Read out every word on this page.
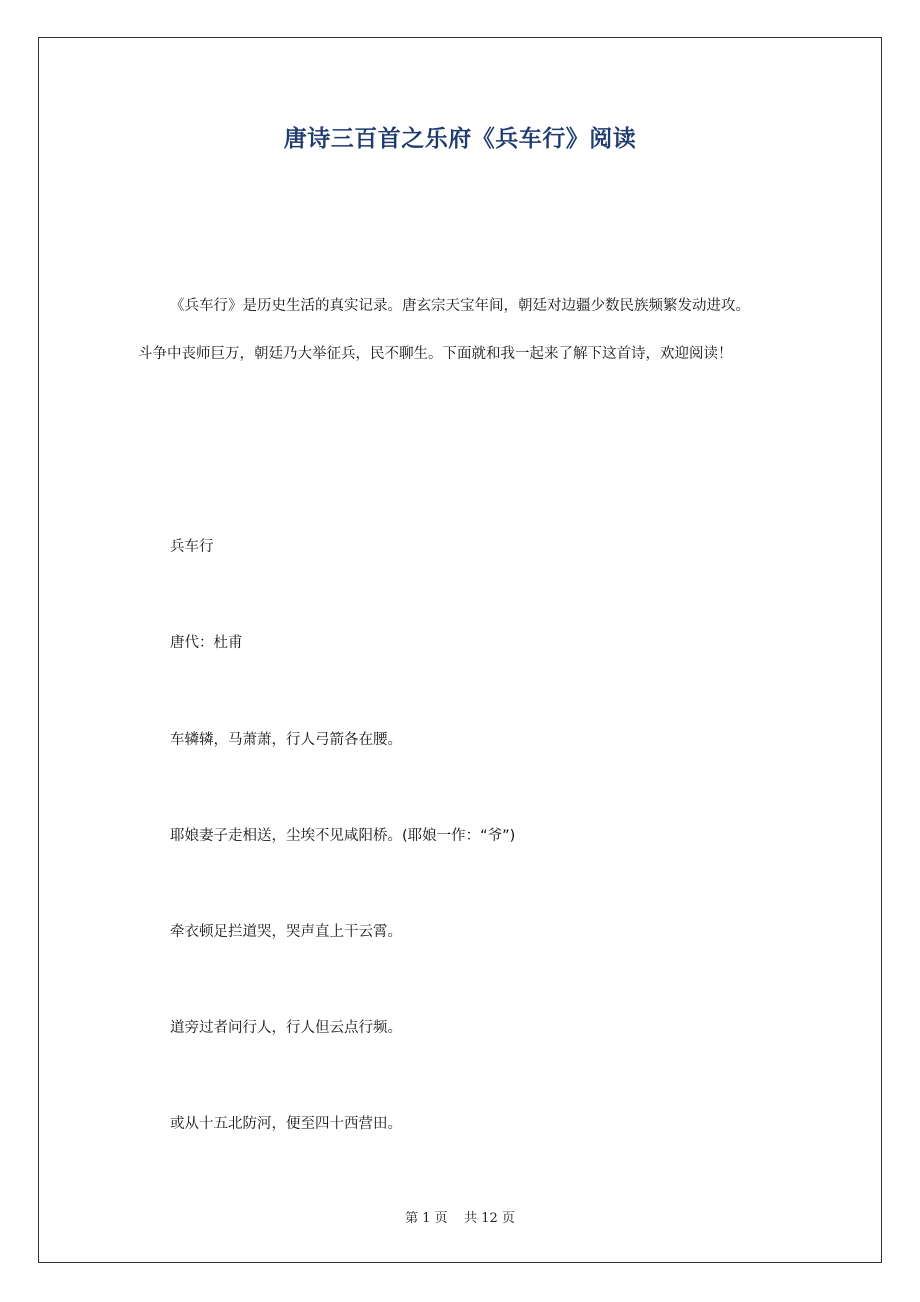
唐诗三百首之乐府《兵车行》阅读
《兵车行》是历史生活的真实记录。唐玄宗天宝年间，朝廷对边疆少数民族频繁发动进攻。
斗争中丧师巨万，朝廷乃大举征兵，民不聊生。下面就和我一起来了解下这首诗，欢迎阅读！
兵车行
唐代：杜甫
车辚辚，马萧萧，行人弓箭各在腰。
耶娘妻子走相送，尘埃不见咸阳桥。(耶娘一作：“爷”)
牵衣顿足拦道哭，哭声直上干云霄。
道旁过者问行人，行人但云点行频。
或从十五北防河，便至四十西营田。
第 1 页    共 12 页
